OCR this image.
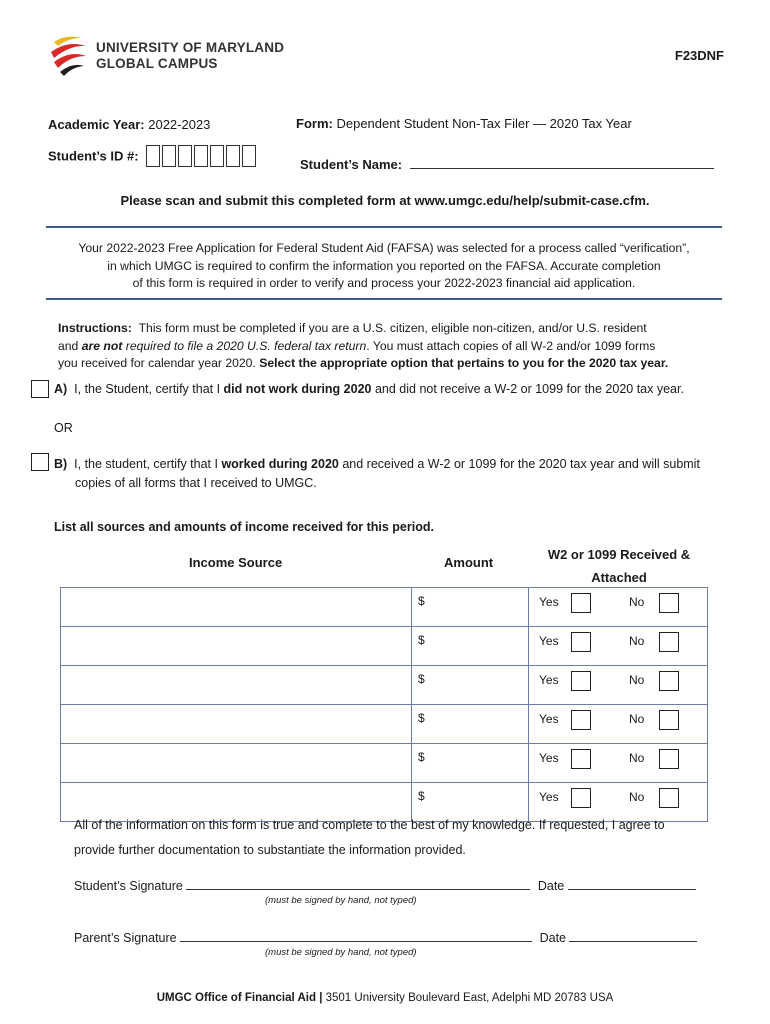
UNIVERSITY OF MARYLAND
GLOBAL CAMPUS
F23DNF
Academic Year: 2022-2023	Form: Dependent Student Non-Tax Filer — 2020 Tax Year
Student’s ID #:
Student’s Name:
Please scan and submit this completed form at www.umgc.edu/help/submit-case.cfm.
Your 2022-2023 Free Application for Federal Student Aid (FAFSA) was selected for a process called “verification”,
in which UMGC is required to confirm the information you reported on the FAFSA. Accurate completion
of this form is required in order to verify and process your 2022-2023 financial aid application.
Instructions: This form must be completed if you are a U.S. citizen, eligible non-citizen, and/or U.S. resident
and are not required to file a 2020 U.S. federal tax return. You must attach copies of all W-2 and/or 1099 forms
you received for calendar year 2020. Select the appropriate option that pertains to you for the 2020 tax year.
A) I, the Student, certify that I did not work during 2020 and did not receive a W-2 or 1099 for the 2020 tax year.
OR
B) I, the student, certify that I worked during 2020 and received a W-2 or 1099 for the 2020 tax year and will submit
copies of all forms that I received to UMGC.
List all sources and amounts of income received for this period.
Income Source	Amount
W2 or 1099 Received &
Attached
	$	Yes No

	$	Yes No

	$	Yes No

	$	Yes No

	$	Yes No

	$	Yes No
All of the information on this form is true and complete to the best of my knowledge. If requested, I agree to
provide further documentation to substantiate the information provided.
Student’s Signature	Date
(must be signed by hand, not typed)
Parent’s Signature	Date
(must be signed by hand, not typed)
UMGC Office of Financial Aid | 3501 University Boulevard East, Adelphi MD 20783 USA
